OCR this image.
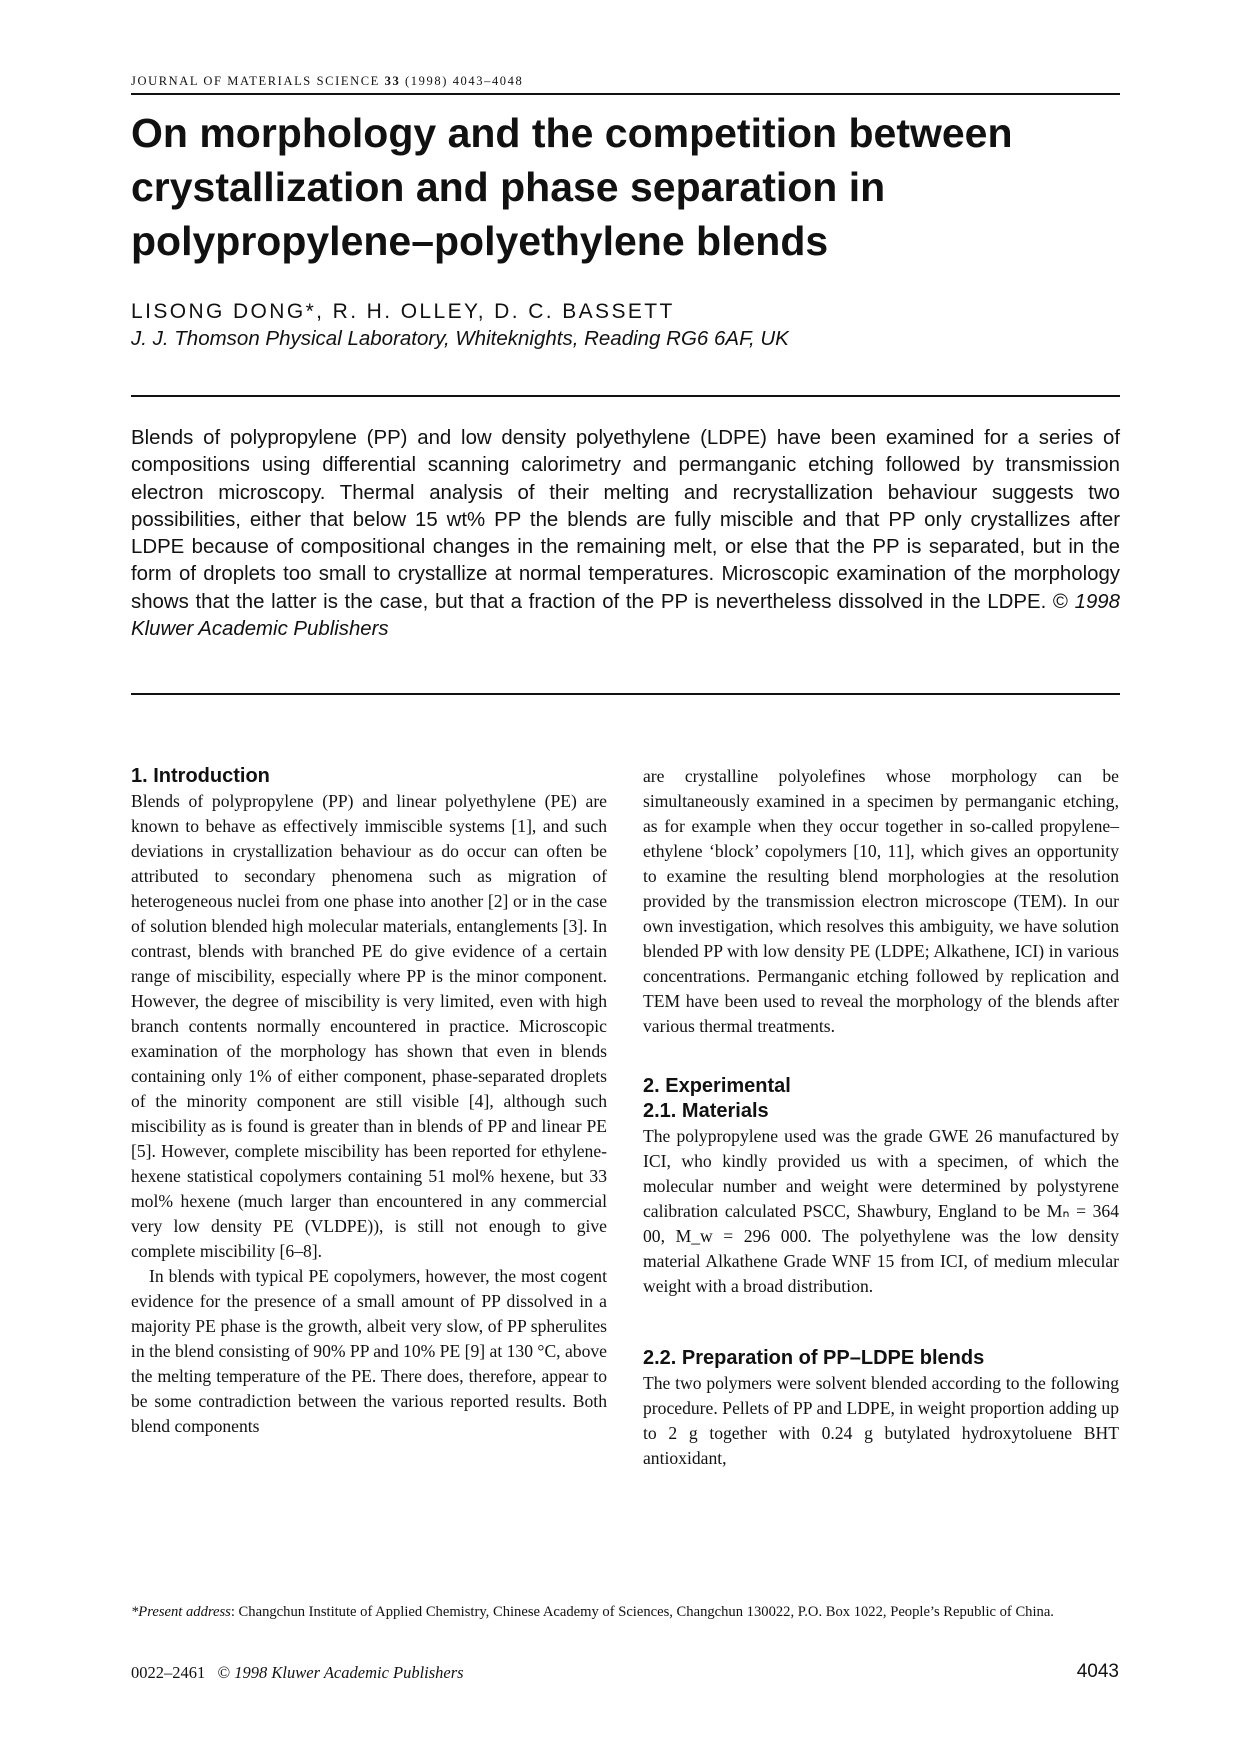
JOURNAL OF MATERIALS SCIENCE 33 (1998) 4043–4048
On morphology and the competition between
crystallization and phase separation in
polypropylene–polyethylene blends
LISONG DONG*, R. H. OLLEY, D. C. BASSETT
J. J. Thomson Physical Laboratory, Whiteknights, Reading RG6 6AF, UK

Blends of polypropylene (PP) and low density polyethylene (LDPE) have been examined for a series of compositions using differential scanning calorimetry and permanganic etching followed by transmission electron microscopy. Thermal analysis of their melting and recrystallization behaviour suggests two possibilities, either that below 15 wt% PP the blends are fully miscible and that PP only crystallizes after LDPE because of compositional changes in the remaining melt, or else that the PP is separated, but in the form of droplets too small to crystallize at normal temperatures. Microscopic examination of the morphology shows that the latter is the case, but that a fraction of the PP is nevertheless dissolved in the LDPE. © 1998 Kluwer Academic Publishers

1. Introduction

Blends of polypropylene (PP) and linear polyethylene (PE) are known to behave as effectively immiscible systems [1], and such deviations in crystallization behaviour as do occur can often be attributed to secondary phenomena such as migration of heterogeneous nuclei from one phase into another [2] or in the case of solution blended high molecular materials, entanglements [3]. In contrast, blends with branched PE do give evidence of a certain range of miscibility, especially where PP is the minor component. However, the degree of miscibility is very limited, even with high branch contents normally encountered in practice. Microscopic examination of the morphology has shown that even in blends containing only 1% of either component, phase-separated droplets of the minority component are still visible [4], although such miscibility as is found is greater than in blends of PP and linear PE [5]. However, complete miscibility has been reported for ethylene-hexene statistical copolymers containing 51 mol% hexene, but 33 mol% hexene (much larger than encountered in any commercial very low density PE (VLDPE)), is still not enough to give complete miscibility [6–8].

In blends with typical PE copolymers, however, the most cogent evidence for the presence of a small amount of PP dissolved in a majority PE phase is the growth, albeit very slow, of PP spherulites in the blend consisting of 90% PP and 10% PE [9] at 130 °C, above the melting temperature of the PE. There does, therefore, appear to be some contradiction between the various reported results. Both blend components

are crystalline polyolefines whose morphology can be simultaneously examined in a specimen by permanganic etching, as for example when they occur together in so-called propylene–ethylene ‘block’ copolymers [10, 11], which gives an opportunity to examine the resulting blend morphologies at the resolution provided by the transmission electron microscope (TEM). In our own investigation, which resolves this ambiguity, we have solution blended PP with low density PE (LDPE; Alkathene, ICI) in various concentrations. Permanganic etching followed by replication and TEM have been used to reveal the morphology of the blends after various thermal treatments.

2. Experimental
2.1. Materials

The polypropylene used was the grade GWE 26 manufactured by ICI, who kindly provided us with a specimen, of which the molecular number and weight were determined by polystyrene calibration calculated PSCC, Shawbury, England to be Mₙ = 364 00, M_w = 296 000. The polyethylene was the low density material Alkathene Grade WNF 15 from ICI, of medium mlecular weight with a broad distribution.

2.2. Preparation of PP–LDPE blends

The two polymers were solvent blended according to the following procedure. Pellets of PP and LDPE, in weight proportion adding up to 2 g together with 0.24 g butylated hydroxytoluene BHT antioxidant,

*Present address: Changchun Institute of Applied Chemistry, Chinese Academy of Sciences, Changchun 130022, P.O. Box 1022, People’s Republic of China.
0022–2461 © 1998 Kluwer Academic Publishers	4043
